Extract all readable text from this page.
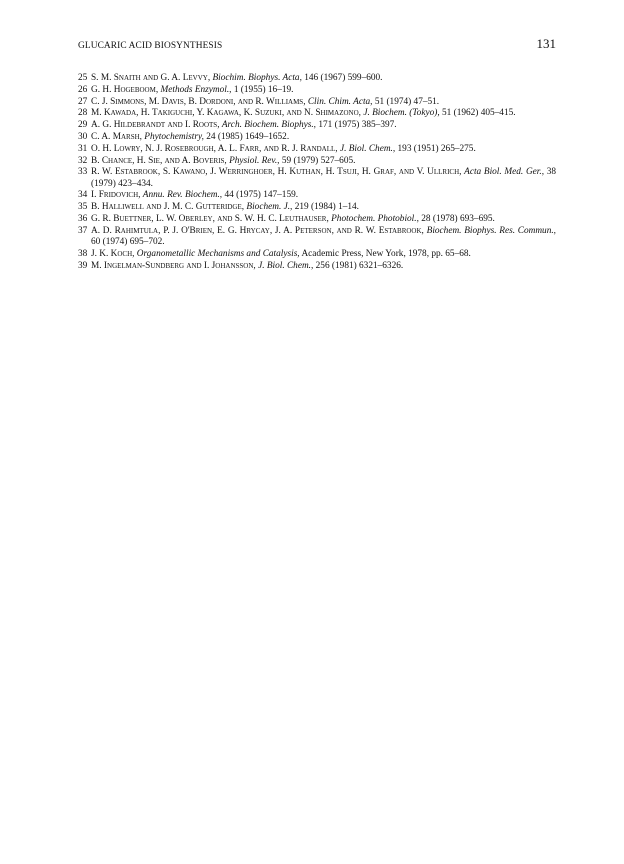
GLUCARIC ACID BIOSYNTHESIS	131
25 S. M. Snaith and G. A. Levvy, Biochim. Biophys. Acta, 146 (1967) 599–600.
26 G. H. Hogeboom, Methods Enzymol., 1 (1955) 16–19.
27 C. J. Simmons, M. Davis, B. Dordoni, and R. Williams, Clin. Chim. Acta, 51 (1974) 47–51.
28 M. Kawada, H. Takiguchi, Y. Kagawa, K. Suzuki, and N. Shimazono, J. Biochem. (Tokyo), 51 (1962) 405–415.
29 A. G. Hildebrandt and I. Roots, Arch. Biochem. Biophys., 171 (1975) 385–397.
30 C. A. Marsh, Phytochemistry, 24 (1985) 1649–1652.
31 O. H. Lowry, N. J. Rosebrough, A. L. Farr, and R. J. Randall, J. Biol. Chem., 193 (1951) 265–275.
32 B. Chance, H. Sie, and A. Boveris, Physiol. Rev., 59 (1979) 527–605.
33 R. W. Estabrook, S. Kawano, J. Werringhoer, H. Kuthan, H. Tsuji, H. Graf, and V. Ullrich, Acta Biol. Med. Ger., 38 (1979) 423–434.
34 I. Fridovich, Annu. Rev. Biochem., 44 (1975) 147–159.
35 B. Halliwell and J. M. C. Gutteridge, Biochem. J., 219 (1984) 1–14.
36 G. R. Buettner, L. W. Oberley, and S. W. H. C. Leuthauser, Photochem. Photobiol., 28 (1978) 693–695.
37 A. D. Rahimtula, P. J. O'Brien, E. G. Hrycay, J. A. Peterson, and R. W. Estabrook, Biochem. Biophys. Res. Commun., 60 (1974) 695–702.
38 J. K. Koch, Organometallic Mechanisms and Catalysis, Academic Press, New York, 1978, pp. 65–68.
39 M. Ingelman-Sundberg and I. Johansson, J. Biol. Chem., 256 (1981) 6321–6326.
